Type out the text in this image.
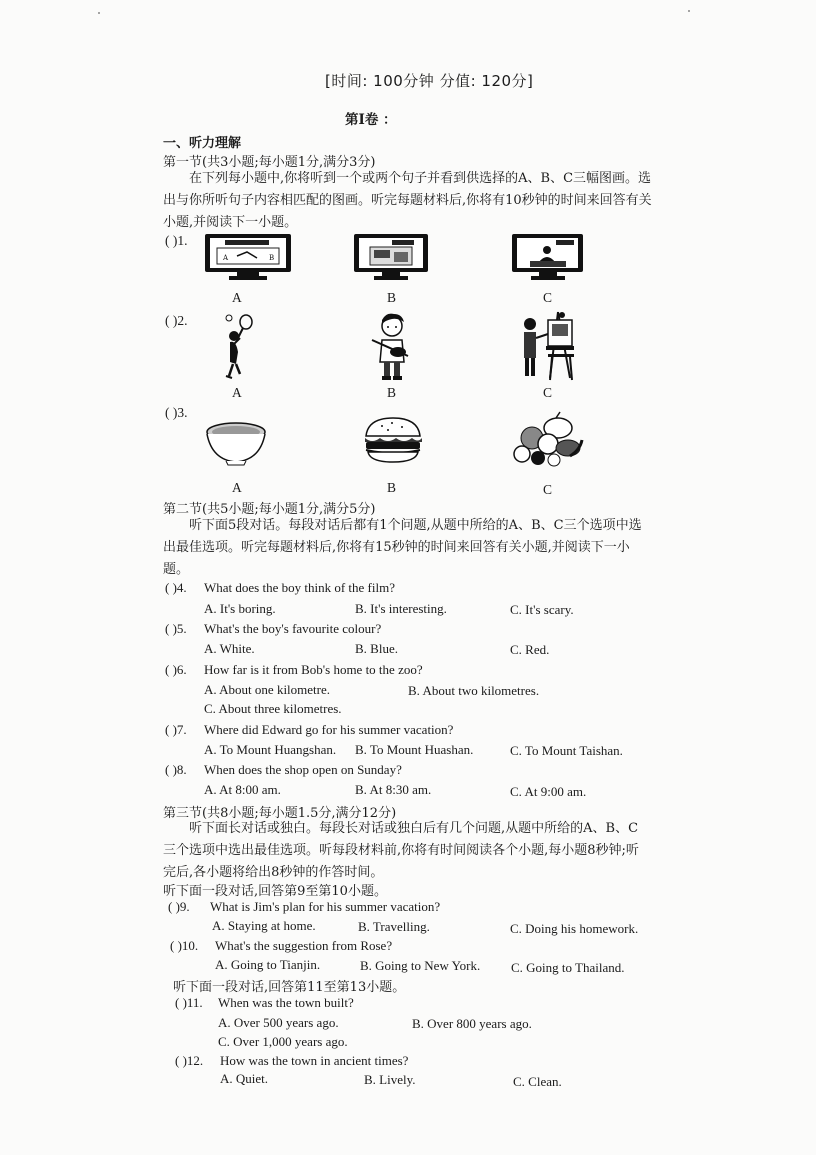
[时间: 100分钟 分值: 120分]
第Ⅰ卷 ：
一、听力理解
第一节(共3小题;每小题1分,满分3分)
在下列每小题中,你将听到一个或两个句子并看到供选择的A、B、C三幅图画。选出与你所听句子内容相匹配的图画。听完每题材料后,你将有10秒钟的时间来回答有关小题,并阅读下一小题。
( )1.
A	B
A	B	C
( )2.
A	B	C
( )3.
A	B	C
第二节(共5小题;每小题1分,满分5分)
听下面5段对话。每段对话后都有1个问题,从题中所给的A、B、C三个选项中选出最佳选项。听完每题材料后,你将有15秒钟的时间来回答有关小题,并阅读下一小题。
( )4. What does the boy think of the film?
A. It's boring.	B. It's interesting.	C. It's scary.
( )5. What's the boy's favourite colour?
A. White.	B. Blue.	C. Red.
( )6. How far is it from Bob's home to the zoo?
A. About one kilometre.	B. About two kilometres.
C. About three kilometres.
( )7. Where did Edward go for his summer vacation?
A. To Mount Huangshan. B. To Mount Huashan.	C. To Mount Taishan.
( )8. When does the shop open on Sunday?
A. At 8:00 am.	B. At 8:30 am.	C. At 9:00 am.
第三节(共8小题;每小题1.5分,满分12分)
听下面长对话或独白。每段长对话或独白后有几个问题,从题中所给的A、B、C三个选项中选出最佳选项。听每段材料前,你将有时间阅读各个小题,每小题8秒钟;听完后,各小题将给出8秒钟的作答时间。
听下面一段对话,回答第9至第10小题。
( )9. What is Jim's plan for his summer vacation?
A. Staying at home.	B. Travelling.	C. Doing his homework.
( )10. What's the suggestion from Rose?
A. Going to Tianjin.	B. Going to New York. C. Going to Thailand.
听下面一段对话,回答第11至第13小题。
( )11. When was the town built?
A. Over 500 years ago.	B. Over 800 years ago.
C. Over 1,000 years ago.
( )12. How was the town in ancient times?
A. Quiet.	B. Lively.	C. Clean.
